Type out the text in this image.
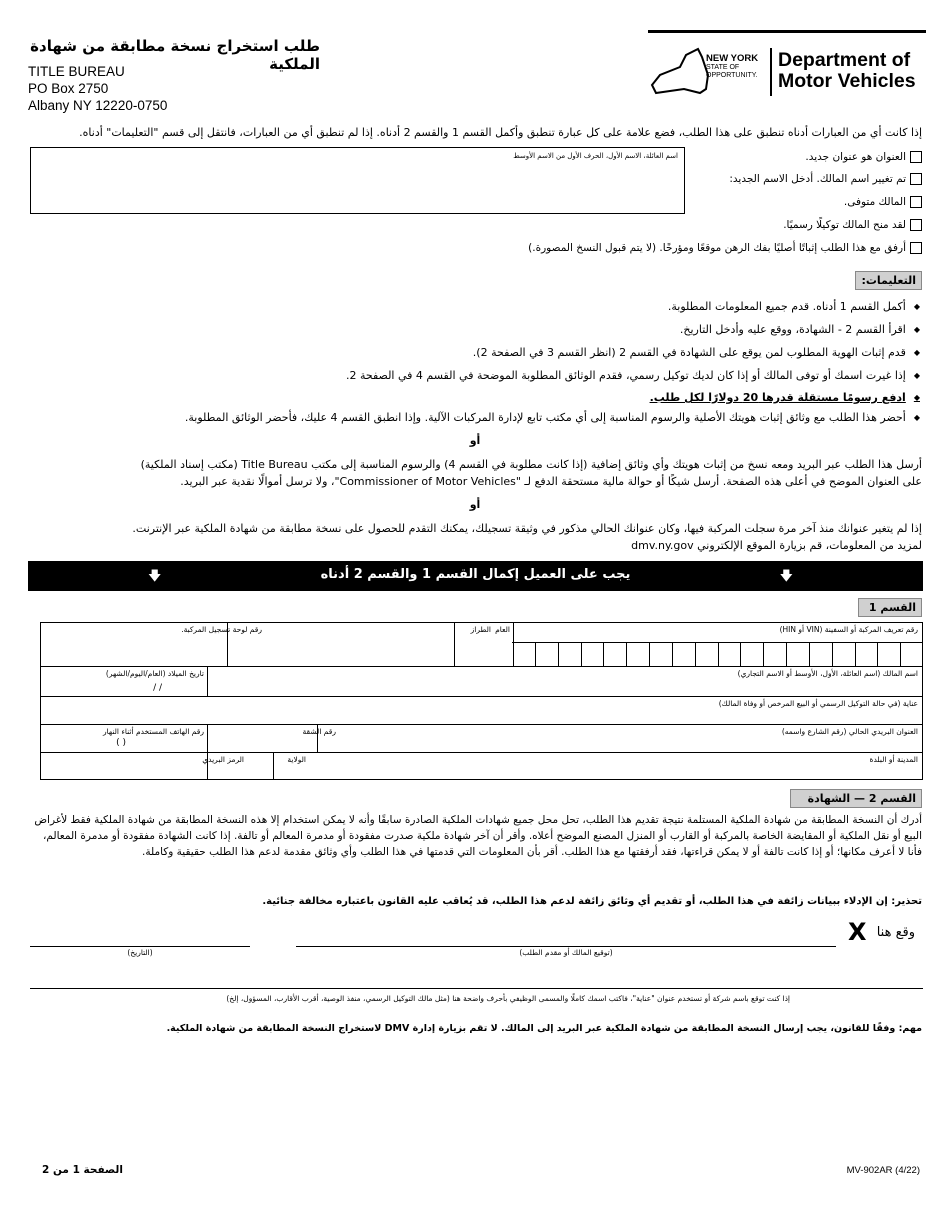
طلب استخراج نسخة مطابقة من شهادة الملكية
TITLE BUREAU
PO Box 2750
Albany NY 12220-0750
NEW YORK
STATE OF
OPPORTUNITY.
Department of
Motor Vehicles
إذا كانت أي من العبارات أدناه تنطبق على هذا الطلب، فضع علامة على كل عبارة تنطبق وأكمل القسم 1 والقسم 2 أدناه. إذا لم تنطبق أي من العبارات، فانتقل إلى قسم "التعليمات" أدناه.
اسم العائلة، الاسم الأول، الحرف الأول من الاسم الأوسط	العنوان هو عنوان جديد.
تم تغيير اسم المالك. أدخل الاسم الجديد:
المالك متوفى.
لقد منح المالك توكيلًا رسميًا.
أرفق مع هذا الطلب إثباتًا أصليًا بفك الرهن موقعًا ومؤرخًا. (لا يتم قبول النسخ المصورة.)
التعليمات:
◆
أكمل القسم 1 أدناه. قدم جميع المعلومات المطلوبة.
◆
اقرأ القسم 2 - الشهادة، ووقع عليه وأدخل التاريخ.
◆
قدم إثبات الهوية المطلوب لمن يوقع على الشهادة في القسم 2 (انظر القسم 3 في الصفحة 2).
◆
إذا غيرت اسمك أو توفى المالك أو إذا كان لديك توكيل رسمي، فقدم الوثائق المطلوبة الموضحة في القسم 4 في الصفحة 2.
◆
ادفع رسومًا مستقلة قدرها 20 دولارًا لكل طلب.
◆
أحضر هذا الطلب مع وثائق إثبات هويتك الأصلية والرسوم المناسبة إلى أي مكتب تابع لإدارة المركبات الآلية. وإذا انطبق القسم 4 عليك، فأحضر الوثائق المطلوبة.
أو
أرسل هذا الطلب عبر البريد ومعه نسخ من إثبات هويتك وأي وثائق إضافية (إذا كانت مطلوبة في القسم 4) والرسوم المناسبة إلى مكتب Title Bureau (مكتب إسناد الملكية)
على العنوان الموضح في أعلى هذه الصفحة. أرسل شيكًا أو حوالة مالية مستحقة الدفع لـ "Commissioner of Motor Vehicles"، ولا ترسل أموالًا نقدية عبر البريد.
أو
إذا لم يتغير عنوانك منذ آخر مرة سجلت المركبة فيها، وكان عنوانك الحالي مذكور في وثيقة تسجيلك، يمكنك التقدم للحصول على نسخة مطابقة من شهادة الملكية عبر الإنترنت.
لمزيد من المعلومات، قم بزيارة الموقع الإلكتروني dmv.ny.gov
🡇	يجب على العميل إكمال القسم 1 والقسم 2 أدناه	🡇
القسم 1
رقم تعريف المركبة أو السفينة (VIN أو HIN)
العام
الطراز
رقم لوحة تسجيل المركبة.
اسم المالك (اسم العائلة، الأول، الأوسط أو الاسم التجاري)
تاريخ الميلاد (العام/اليوم/الشهر)
/ /
عناية (في حالة التوكيل الرسمي أو البيع المرخص أو وفاة المالك)
العنوان البريدي الحالي (رقم الشارع واسمه)
رقم الشقة
رقم الهاتف المستخدم أثناء النهار
( )
المدينة أو البلدة
الولاية
الرمز البريدي
القسم 2 — الشهادة
أدرك أن النسخة المطابقة من شهادة الملكية المستلمة نتيجة تقديم هذا الطلب، تحل محل جميع شهادات الملكية الصادرة سابقًا وأنه لا يمكن استخدام إلا هذه النسخة المطابقة من شهادة الملكية فقط لأغراض البيع أو نقل الملكية أو المقايضة الخاصة بالمركبة أو القارب أو المنزل المصنع الموضح أعلاه. وأقر أن آخر شهادة ملكية صدرت مفقودة أو مدمرة المعالم أو تالفة. إذا كانت الشهادة مفقودة أو مدمرة المعالم، فأنا لا أعرف مكانها؛ أو إذا كانت تالفة أو لا يمكن قراءتها، فقد أرفقتها مع هذا الطلب. أقر بأن المعلومات التي قدمتها في هذا الطلب وأي وثائق مقدمة لدعم هذا الطلب حقيقية وكاملة.
تحذير: إن الإدلاء ببيانات زائفة في هذا الطلب، أو تقديم أي وثائق زائفة لدعم هذا الطلب، قد يُعاقب عليه القانون باعتباره مخالفة جنائية.
وقع هنا
X
(توقيع المالك أو مقدم الطلب)
(التاريخ)
إذا كنت توقع باسم شركة أو تستخدم عنوان "عناية"، فاكتب اسمك كاملًا والمسمى الوظيفي بأحرف واضحة هنا (مثل مالك التوكيل الرسمي، منفذ الوصية، أقرب الأقارب، المسؤول، إلخ)
مهم: وفقًا للقانون، يجب إرسال النسخة المطابقة من شهادة الملكية عبر البريد إلى المالك. لا تقم بزيارة إدارة DMV لاستخراج النسخة المطابقة من شهادة الملكية.
الصفحة 1 من 2	MV-902AR (4/22)
